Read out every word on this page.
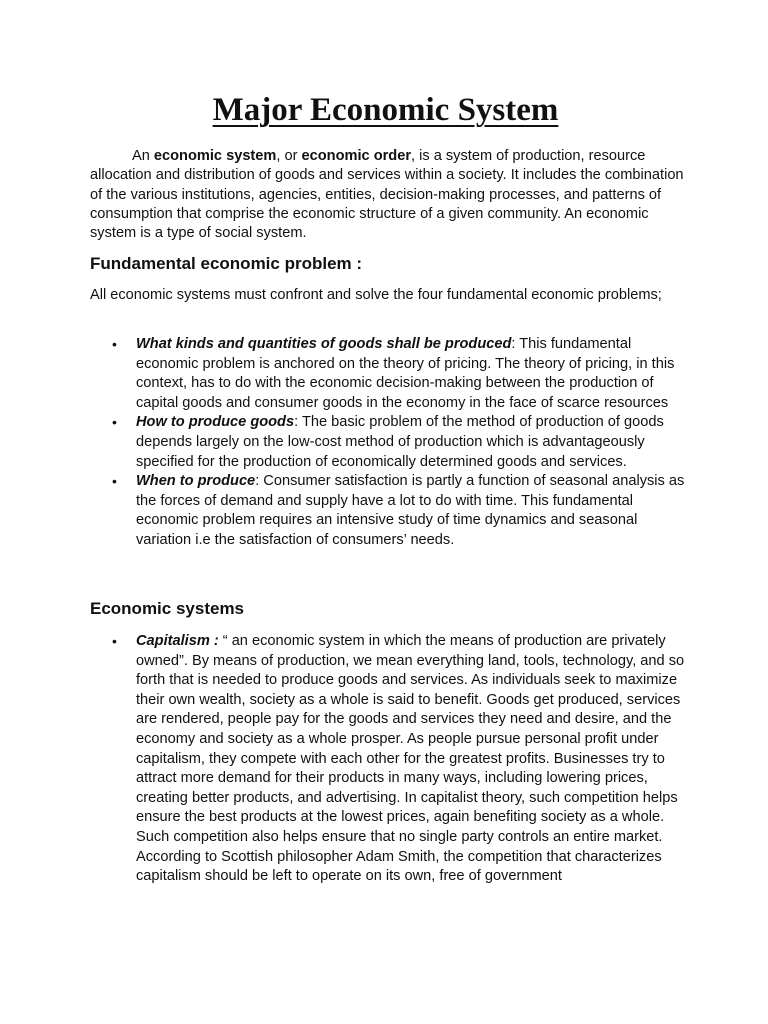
Major Economic System

An economic system, or economic order, is a system of production, resource allocation and distribution of goods and services within a society. It includes the combination of the various institutions, agencies, entities, decision-making processes, and patterns of consumption that comprise the economic structure of a given community. An economic system is a type of social system.

Fundamental economic problem :

All economic systems must confront and solve the four fundamental economic problems;

• What kinds and quantities of goods shall be produced: This fundamental economic problem is anchored on the theory of pricing. The theory of pricing, in this context, has to do with the economic decision-making between the production of capital goods and consumer goods in the economy in the face of scarce resources
• How to produce goods: The basic problem of the method of production of goods depends largely on the low-cost method of production which is advantageously specified for the production of economically determined goods and services.
• When to produce: Consumer satisfaction is partly a function of seasonal analysis as the forces of demand and supply have a lot to do with time. This fundamental economic problem requires an intensive study of time dynamics and seasonal variation i.e the satisfaction of consumers’ needs.
Economic systems
• Capitalism : “ an economic system in which the means of production are privately owned”. By means of production, we mean everything land, tools, technology, and so forth that is needed to produce goods and services. As individuals seek to maximize their own wealth, society as a whole is said to benefit. Goods get produced, services are rendered, people pay for the goods and services they need and desire, and the economy and society as a whole prosper. As people pursue personal profit under capitalism, they compete with each other for the greatest profits. Businesses try to attract more demand for their products in many ways, including lowering prices, creating better products, and advertising. In capitalist theory, such competition helps ensure the best products at the lowest prices, again benefiting society as a whole. Such competition also helps ensure that no single party controls an entire market. According to Scottish philosopher Adam Smith, the competition that characterizes capitalism should be left to operate on its own, free of government
